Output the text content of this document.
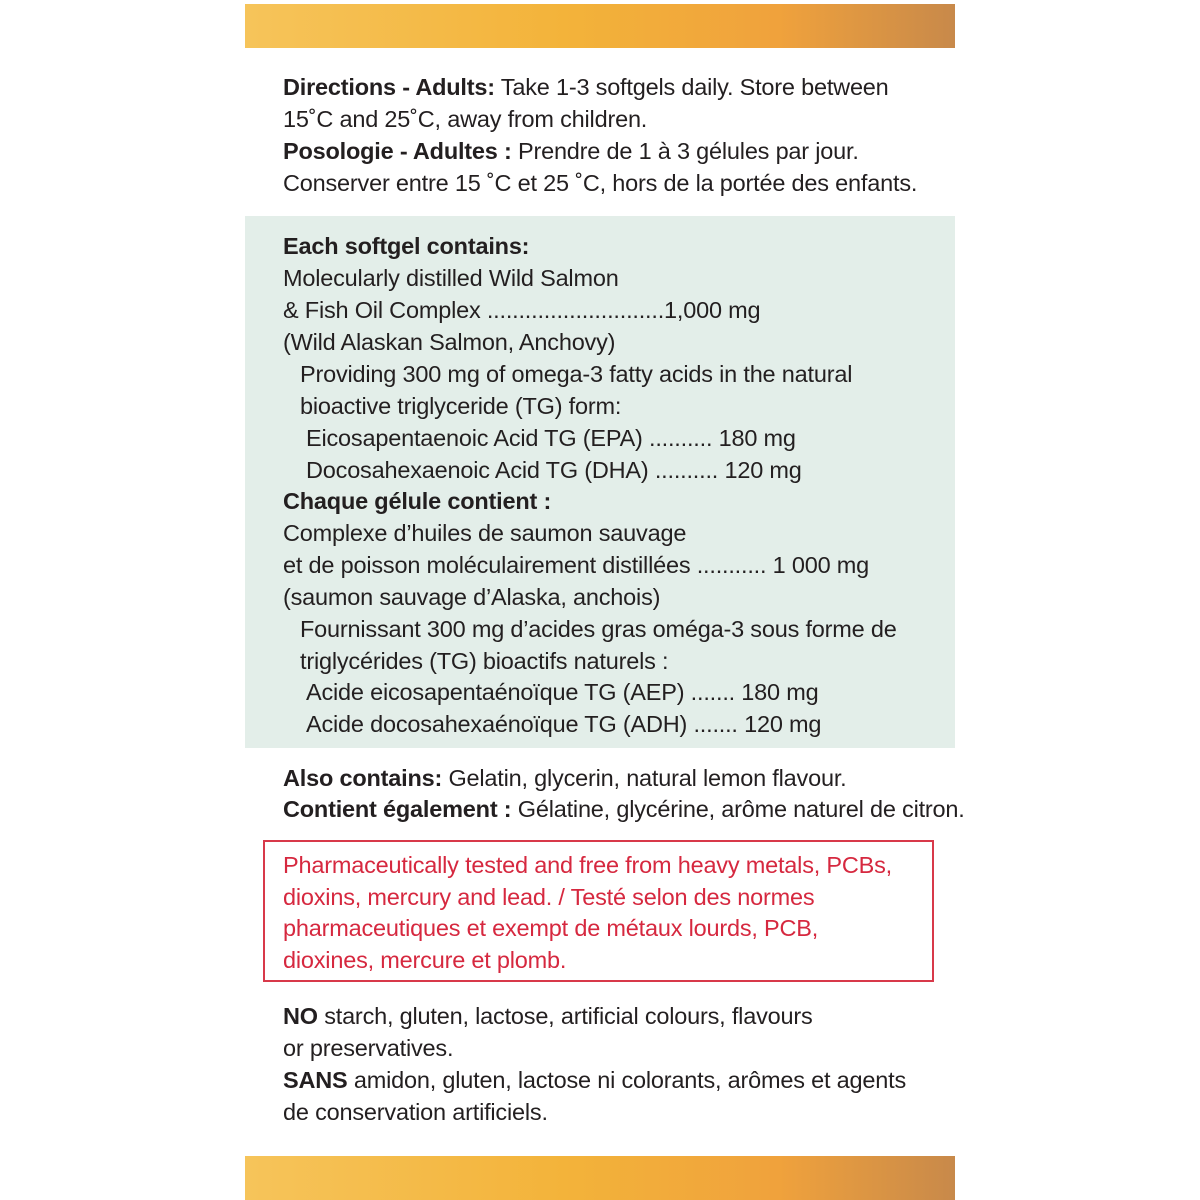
Directions - Adults: Take 1-3 softgels daily. Store between
15˚C and 25˚C, away from children.
Posologie - Adultes : Prendre de 1 à 3 gélules par jour.
Conserver entre 15 ˚C et 25 ˚C, hors de la portée des enfants.
Each softgel contains:
Molecularly distilled Wild Salmon
& Fish Oil Complex ............................1,000 mg
(Wild Alaskan Salmon, Anchovy)
Providing 300 mg of omega-3 fatty acids in the natural
bioactive triglyceride (TG) form:
Eicosapentaenoic Acid TG (EPA) .......... 180 mg
Docosahexaenoic Acid TG (DHA) .......... 120 mg
Chaque gélule contient :
Complexe d’huiles de saumon sauvage
et de poisson moléculairement distillées ........... 1 000 mg
(saumon sauvage d’Alaska, anchois)
Fournissant 300 mg d’acides gras oméga-3 sous forme de
triglycérides (TG) bioactifs naturels :
Acide eicosapentaénoïque TG (AEP) ....... 180 mg
Acide docosahexaénoïque TG (ADH) ....... 120 mg
Also contains: Gelatin, glycerin, natural lemon flavour.
Contient également : Gélatine, glycérine, arôme naturel de citron.
Pharmaceutically tested and free from heavy metals, PCBs,
dioxins, mercury and lead. / Testé selon des normes
pharmaceutiques et exempt de métaux lourds, PCB,
dioxines, mercure et plomb.
NO starch, gluten, lactose, artificial colours, flavours
or preservatives.
SANS amidon, gluten, lactose ni colorants, arômes et agents
de conservation artificiels.
